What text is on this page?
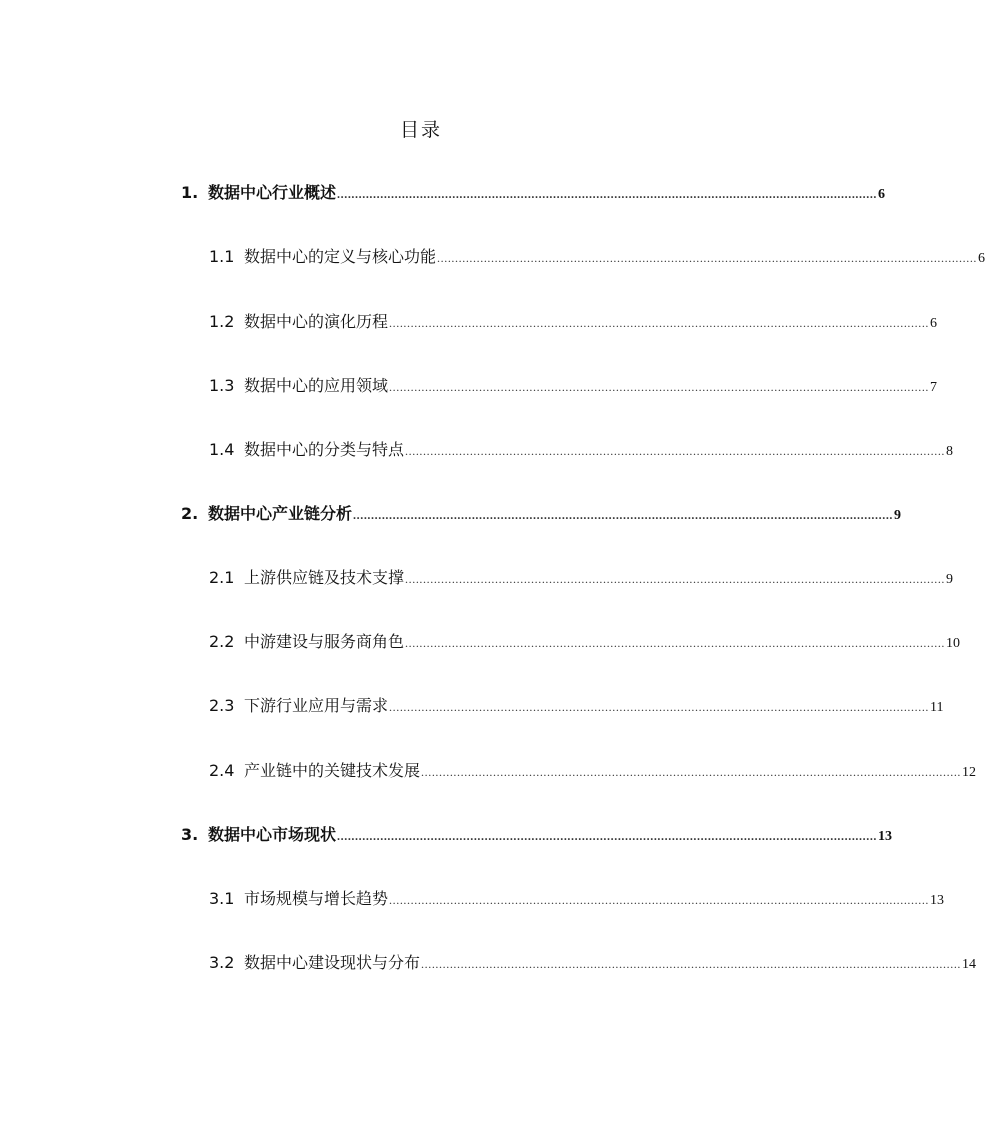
目录
1. 数据中心行业概述 ...................................................................................................................................................... 6
1.1 数据中心的定义与核心功能 ...................................................................................................................................................... 6
1.2 数据中心的演化历程 ...................................................................................................................................................... 6
1.3 数据中心的应用领域 ...................................................................................................................................................... 7
1.4 数据中心的分类与特点 ...................................................................................................................................................... 8
2. 数据中心产业链分析 ...................................................................................................................................................... 9
2.1 上游供应链及技术支撑 ...................................................................................................................................................... 9
2.2 中游建设与服务商角色 ...................................................................................................................................................... 10
2.3 下游行业应用与需求 ...................................................................................................................................................... 11
2.4 产业链中的关键技术发展 ...................................................................................................................................................... 12
3. 数据中心市场现状 ...................................................................................................................................................... 13
3.1 市场规模与增长趋势 ...................................................................................................................................................... 13
3.2 数据中心建设现状与分布 ...................................................................................................................................................... 14
